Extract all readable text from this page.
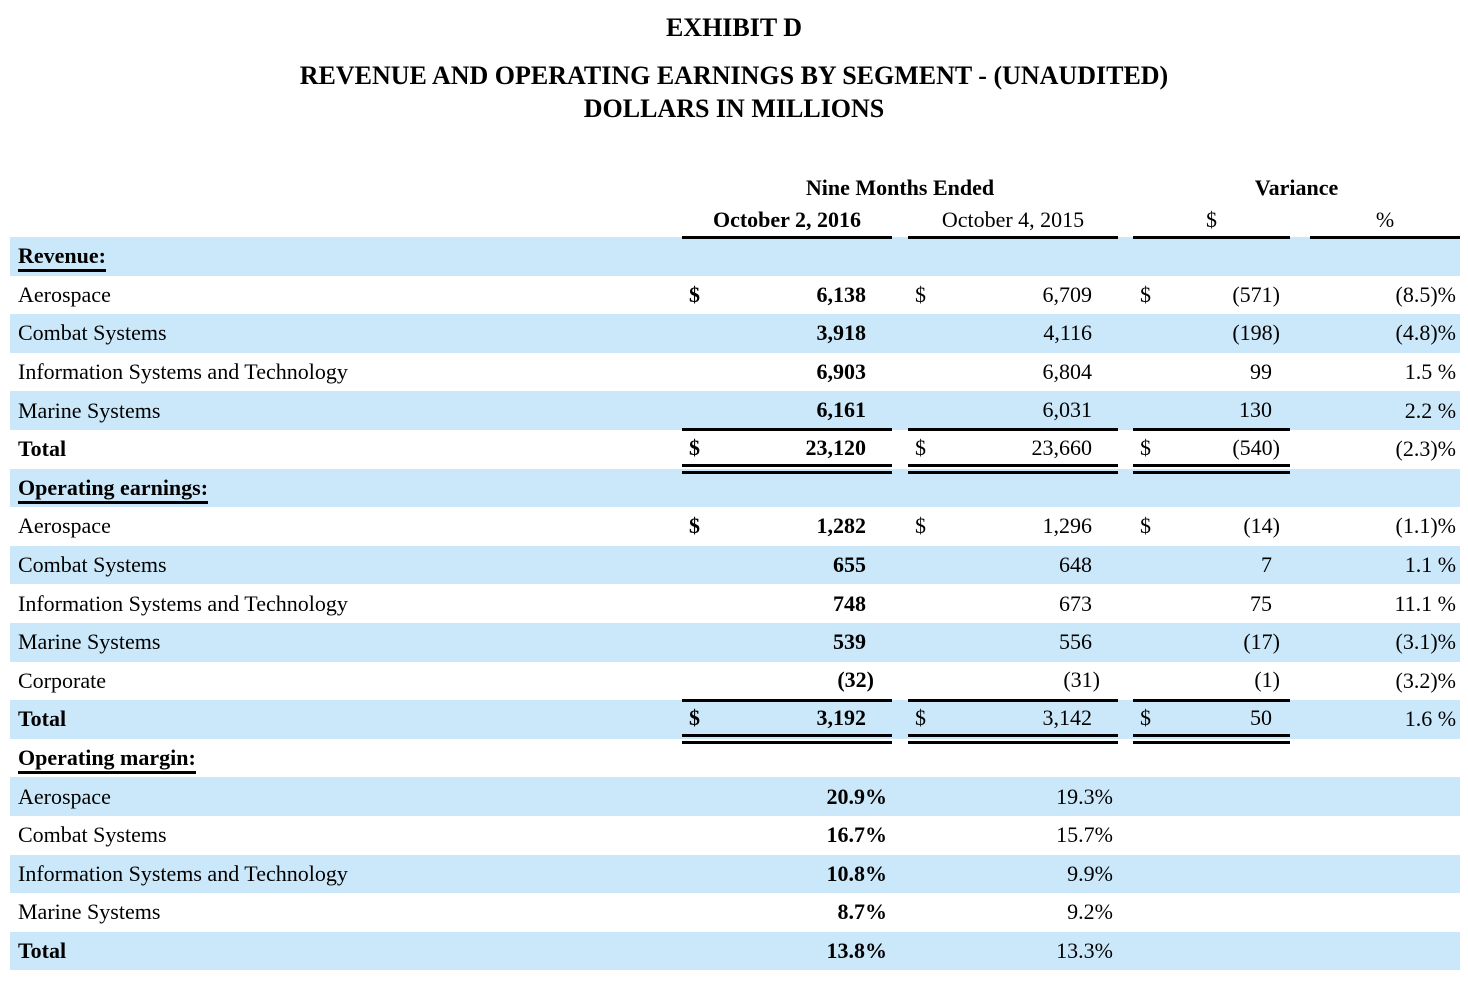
EXHIBIT D
REVENUE AND OPERATING EARNINGS BY SEGMENT - (UNAUDITED)
DOLLARS IN MILLIONS
	Nine Months Ended						Variance			
	October 2, 2016			October 4, 2015			$			%
Revenue:										
Aerospace	$	6,138		$	6,709		$	(571)		(8.5)%
Combat Systems		3,918			4,116			(198)		(4.8)%
Information Systems and Technology		6,903			6,804			99		1.5 %
Marine Systems		6,161			6,031			130		2.2 %
Total	$	23,120		$	23,660		$	(540)		(2.3)%
Operating earnings:										
Aerospace	$	1,282		$	1,296		$	(14)		(1.1)%
Combat Systems		655			648			7		1.1 %
Information Systems and Technology		748			673			75		11.1 %
Marine Systems		539			556			(17)		(3.1)%
Corporate		(32)			(31)			(1)		(3.2)%
Total	$	3,192		$	3,142		$	50		1.6 %
Operating margin:										
Aerospace		20.9%			19.3%					
Combat Systems		16.7%			15.7%					
Information Systems and Technology		10.8%			9.9%					
Marine Systems		8.7%			9.2%					
Total		13.8%			13.3%					
